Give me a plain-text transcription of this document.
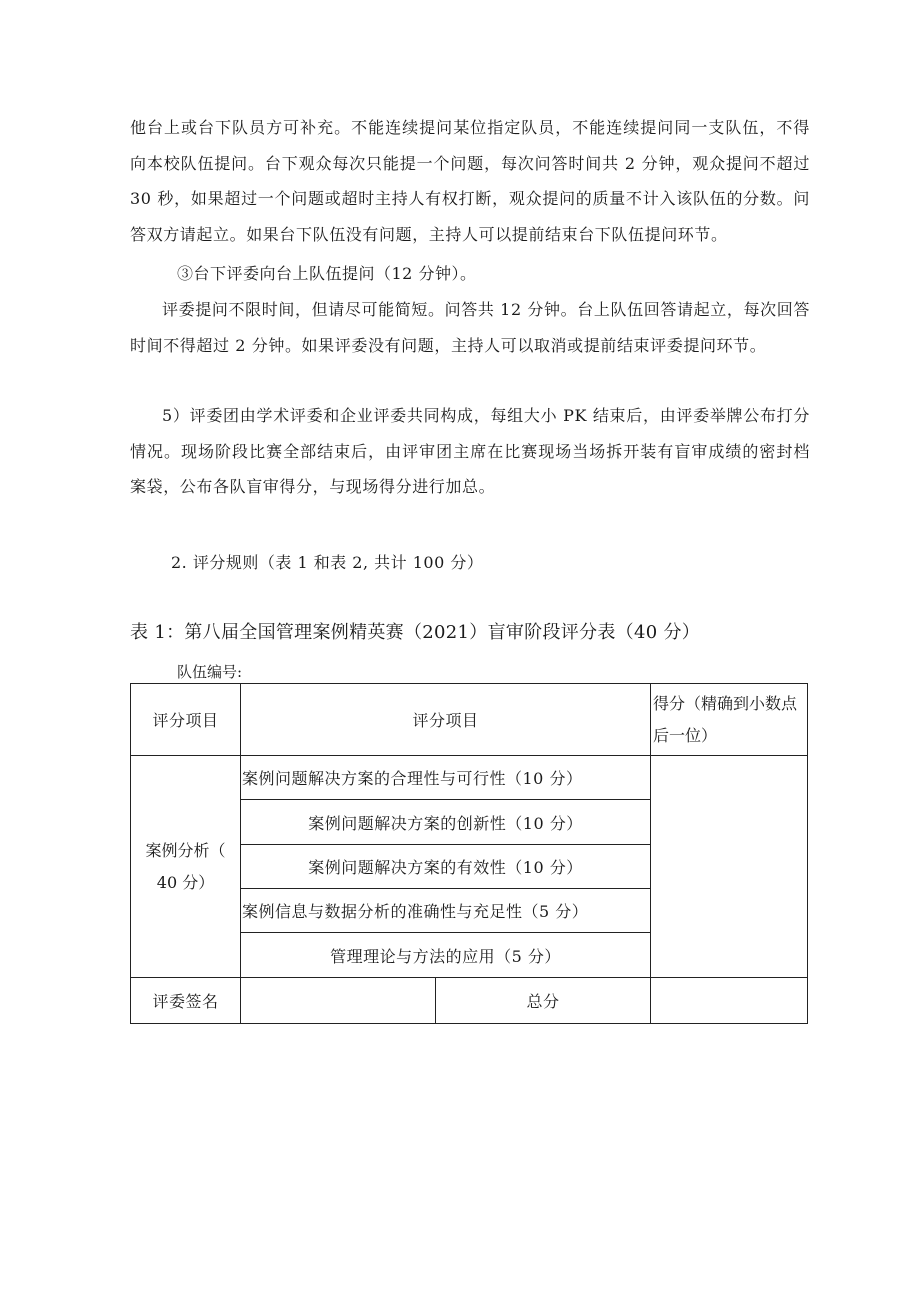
他台上或台下队员方可补充。不能连续提问某位指定队员，不能连续提问同一支队伍，不得向本校队伍提问。台下观众每次只能提一个问题，每次问答时间共 2 分钟，观众提问不超过 30 秒，如果超过一个问题或超时主持人有权打断，观众提问的质量不计入该队伍的分数。问答双方请起立。如果台下队伍没有问题，主持人可以提前结束台下队伍提问环节。

③台下评委向台上队伍提问（12 分钟）。

评委提问不限时间，但请尽可能简短。问答共 12 分钟。台上队伍回答请起立，每次回答时间不得超过 2 分钟。如果评委没有问题，主持人可以取消或提前结束评委提问环节。

5）评委团由学术评委和企业评委共同构成，每组大小 PK 结束后，由评委举牌公布打分情况。现场阶段比赛全部结束后，由评审团主席在比赛现场当场拆开装有盲审成绩的密封档案袋，公布各队盲审得分，与现场得分进行加总。

2. 评分规则（表 1 和表 2, 共计 100 分）

表 1：第八届全国管理案例精英赛（2021）盲审阶段评分表（40 分）
队伍编号:
评分项目	评分项目		得分（精确到小数点后一位）
案例分析（ 40 分）	案例问题解决方案的合理性与可行性（10 分）		
	案例问题解决方案的创新性（10 分）		
	案例问题解决方案的有效性（10 分）		
	案例信息与数据分析的准确性与充足性（5 分）		
	管理理论与方法的应用（5 分）		
评委签名		总分	
